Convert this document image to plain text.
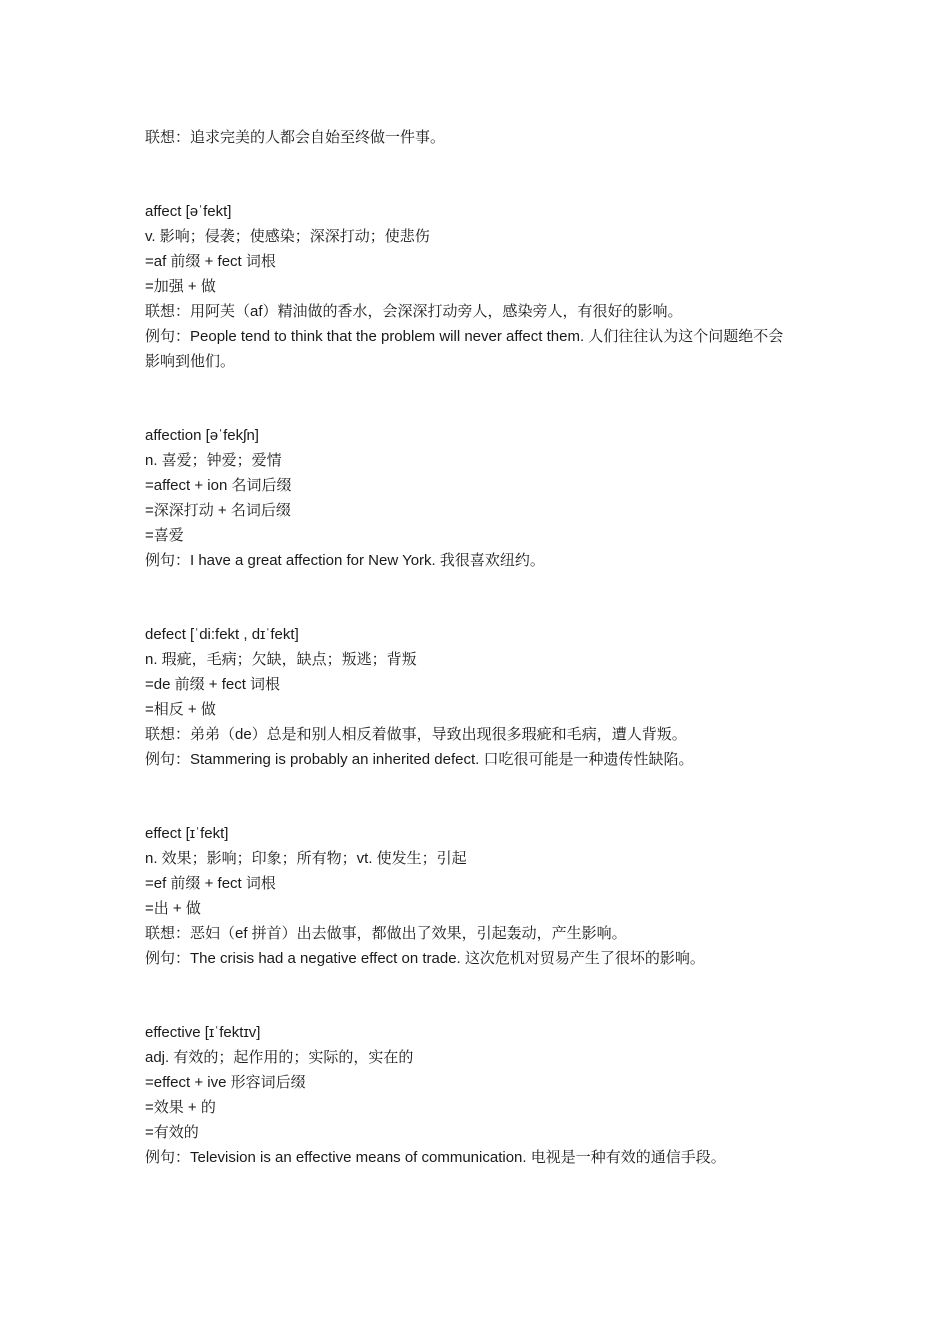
联想：追求完美的人都会自始至终做一件事。
affect [əˈfekt]
v. 影响；侵袭；使感染；深深打动；使悲伤
=af 前缀 + fect 词根
=加强 + 做
联想：用阿芙（af）精油做的香水，会深深打动旁人，感染旁人，有很好的影响。
例句：People tend to think that the problem will never affect them. 人们往往认为这个问题绝不会
影响到他们。
affection [əˈfekʃn]
n. 喜爱；钟爱；爱情
=affect + ion 名词后缀
=深深打动 + 名词后缀
=喜爱
例句：I have a great affection for New York. 我很喜欢纽约。
defect [ˈdi:fekt , dɪˈfekt]
n. 瑕疵，毛病；欠缺，缺点；叛逃；背叛
=de 前缀 + fect 词根
=相反 + 做
联想：弟弟（de）总是和别人相反着做事，导致出现很多瑕疵和毛病，遭人背叛。
例句：Stammering is probably an inherited defect. 口吃很可能是一种遗传性缺陷。
effect [ɪˈfekt]
n. 效果；影响；印象；所有物；vt. 使发生；引起
=ef 前缀 + fect 词根
=出 + 做
联想：恶妇（ef 拼首）出去做事，都做出了效果，引起轰动，产生影响。
例句：The crisis had a negative effect on trade. 这次危机对贸易产生了很坏的影响。
effective [ɪˈfektɪv]
adj. 有效的；起作用的；实际的，实在的
=effect + ive 形容词后缀
=效果 + 的
=有效的
例句：Television is an effective means of communication. 电视是一种有效的通信手段。
